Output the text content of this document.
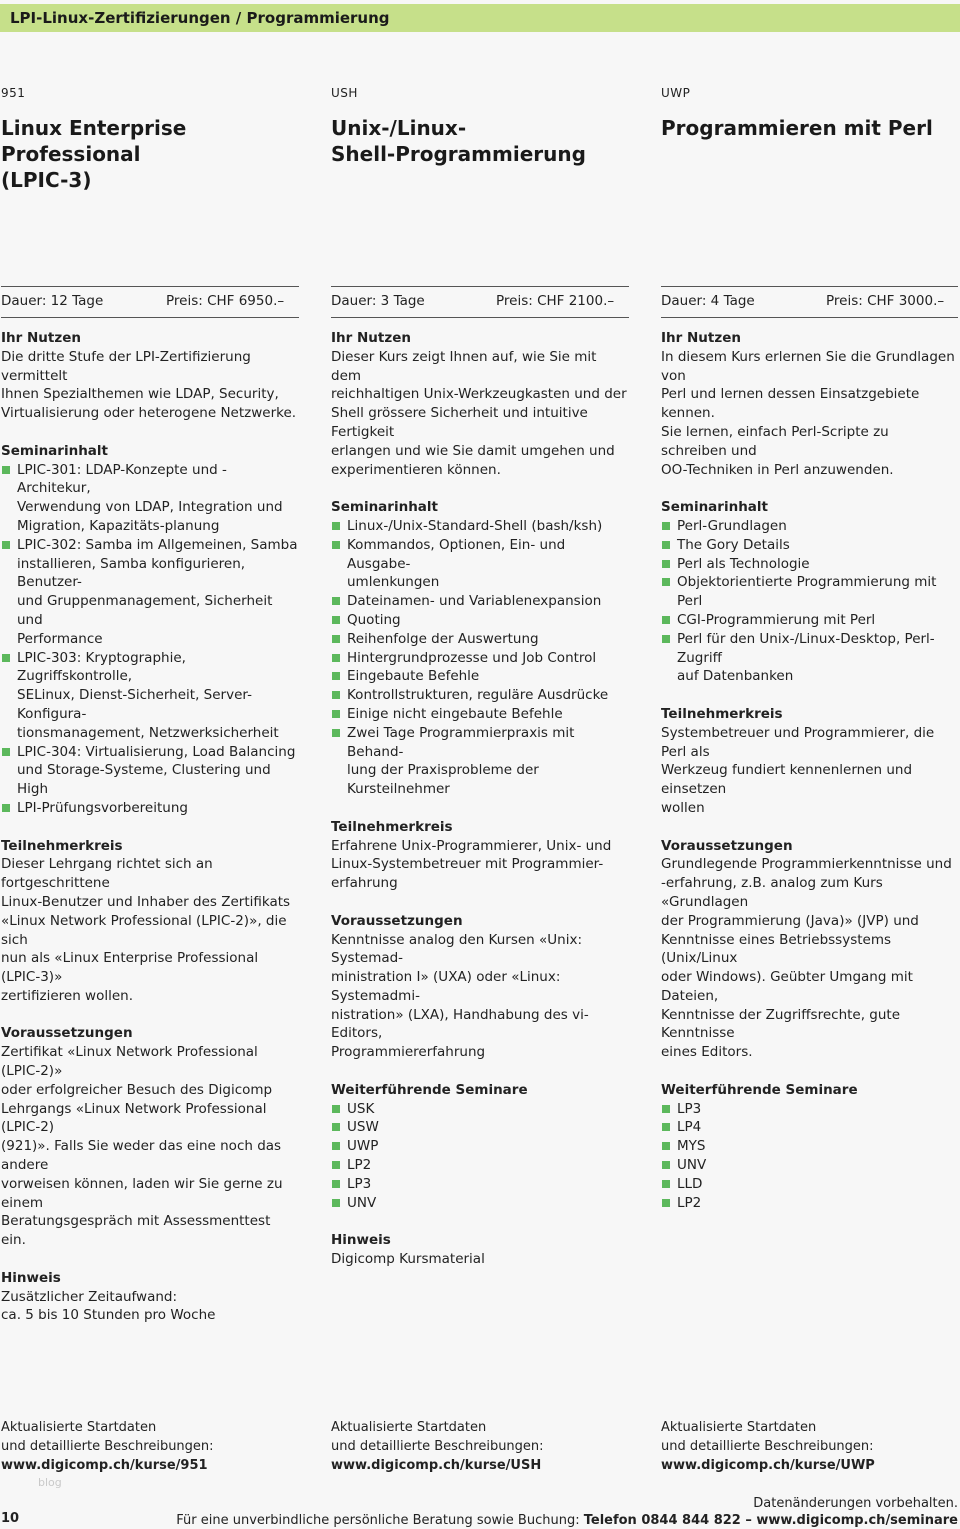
LPI-Linux-Zertifizierungen / Programmierung
951
Linux Enterprise Professional
(LPIC-3)
Dauer: 12 Tage	Preis: CHF 6950.–
Ihr Nutzen

Die dritte Stufe der LPI-Zertifizierung vermittelt
Ihnen Spezialthemen wie LDAP, Security,
Virtualisierung oder heterogene Netzwerke.

Seminarinhalt
LPIC-301: LDAP-Konzepte und -Architekur,
Verwendung von LDAP, Integration und
Migration, Kapazitäts-planung
LPIC-302: Samba im Allgemeinen, Samba
installieren, Samba konfigurieren, Benutzer-
und Gruppenmanagement, Sicherheit und
Performance
LPIC-303: Kryptographie, Zugriffskontrolle,
SELinux, Dienst-Sicherheit, Server-Konfigura-
tionsmanagement, Netzwerksicherheit
LPIC-304: Virtualisierung, Load Balancing
und Storage-Systeme, Clustering und High
LPI-Prüfungsvorbereitung
Teilnehmerkreis

Dieser Lehrgang richtet sich an fortgeschrittene
Linux-Benutzer und Inhaber des Zertifikats
«Linux Network Professional (LPIC-2)», die sich
nun als «Linux Enterprise Professional (LPIC-3)»
zertifizieren wollen.

Voraussetzungen

Zertifikat «Linux Network Professional (LPIC-2)»
oder erfolgreicher Besuch des Digicomp
Lehrgangs «Linux Network Professional (LPIC-2)
(921)». Falls Sie weder das eine noch das andere
vorweisen können, laden wir Sie gerne zu einem
Beratungsgespräch mit Assessmenttest ein.

Hinweis

Zusätzlicher Zeitaufwand:
ca. 5 bis 10 Stunden pro Woche

Aktualisierte Startdaten
und detaillierte Beschreibungen:
www.digicomp.ch/kurse/951
USH
Unix-/Linux-
Shell-Programmierung
Dauer: 3 Tage	Preis: CHF 2100.–
Ihr Nutzen

Dieser Kurs zeigt Ihnen auf, wie Sie mit dem
reichhaltigen Unix-Werkzeugkasten und der
Shell grössere Sicherheit und intuitive Fertigkeit
erlangen und wie Sie damit umgehen und
experimentieren können.

Seminarinhalt
Linux-/Unix-Standard-Shell (bash/ksh)
Kommandos, Optionen, Ein- und Ausgabe-
umlenkungen
Dateinamen- und Variablenexpansion
Quoting
Reihenfolge der Auswertung
Hintergrundprozesse und Job Control
Eingebaute Befehle
Kontrollstrukturen, reguläre Ausdrücke
Einige nicht eingebaute Befehle
Zwei Tage Programmierpraxis mit Behand-
lung der Praxisprobleme der Kursteilnehmer
Teilnehmerkreis

Erfahrene Unix-Programmierer, Unix- und
Linux-Systembetreuer mit Programmier-
erfahrung

Voraussetzungen

Kenntnisse analog den Kursen «Unix: Systemad-
ministration I» (UXA) oder «Linux: Systemadmi-
nistration» (LXA), Handhabung des vi-Editors,
Programmiererfahrung

Weiterführende Seminare
USK
USW
UWP
LP2
LP3
UNV
Hinweis

Digicomp Kursmaterial

Aktualisierte Startdaten
und detaillierte Beschreibungen:
www.digicomp.ch/kurse/USH
UWP
Programmieren mit Perl
Dauer: 4 Tage	Preis: CHF 3000.–
Ihr Nutzen

In diesem Kurs erlernen Sie die Grundlagen von
Perl und lernen dessen Einsatzgebiete kennen.
Sie lernen, einfach Perl-Scripte zu schreiben und
OO-Techniken in Perl anzuwenden.

Seminarinhalt
Perl-Grundlagen
The Gory Details
Perl als Technologie
Objektorientierte Programmierung mit Perl
CGI-Programmierung mit Perl
Perl für den Unix-/Linux-Desktop, Perl-Zugriff
auf Datenbanken
Teilnehmerkreis

Systembetreuer und Programmierer, die Perl als
Werkzeug fundiert kennenlernen und einsetzen
wollen

Voraussetzungen

Grundlegende Programmierkenntnisse und
-erfahrung, z.B. analog zum Kurs «Grundlagen
der Programmierung (Java)» (JVP) und
Kenntnisse eines Betriebssystems (Unix/Linux
oder Windows). Geübter Umgang mit Dateien,
Kenntnisse der Zugriffsrechte, gute Kenntnisse
eines Editors.

Weiterführende Seminare
LP3
LP4
MYS
UNV
LLD
LP2
Aktualisierte Startdaten
und detaillierte Beschreibungen:
www.digicomp.ch/kurse/UWP
blog
10
Datenänderungen vorbehalten.
Für eine unverbindliche persönliche Beratung sowie Buchung: Telefon 0844 844 822 – www.digicomp.ch/seminare
